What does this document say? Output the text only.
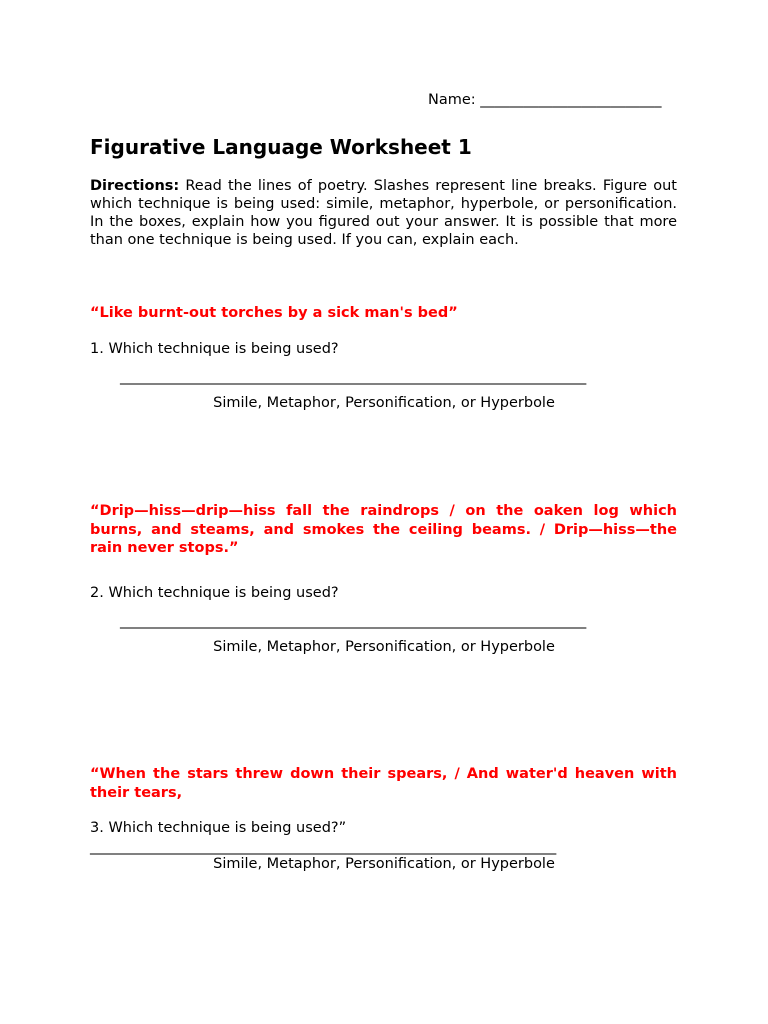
Name: _________________________
Figurative Language Worksheet 1

Directions: Read the lines of poetry. Slashes represent line breaks. Figure out which technique is being used: simile, metaphor, hyperbole, or personification. In the boxes, explain how you figured out your answer. It is possible that more than one technique is being used. If you can, explain each.

“Like burnt-out torches by a sick man's bed”

1. Which technique is being used?

_____________________________________________________________________

Simile, Metaphor, Personification, or Hyperbole

“Drip—hiss—drip—hiss fall the raindrops / on the oaken log which burns, and steams, and smokes the ceiling beams. / Drip—hiss—the rain never stops.”

2. Which technique is being used?

_____________________________________________________________________

Simile, Metaphor, Personification, or Hyperbole

“When the stars threw down their spears, / And water'd heaven with their tears,

3. Which technique is being used?”

_____________________________________________________________________

Simile, Metaphor, Personification, or Hyperbole
